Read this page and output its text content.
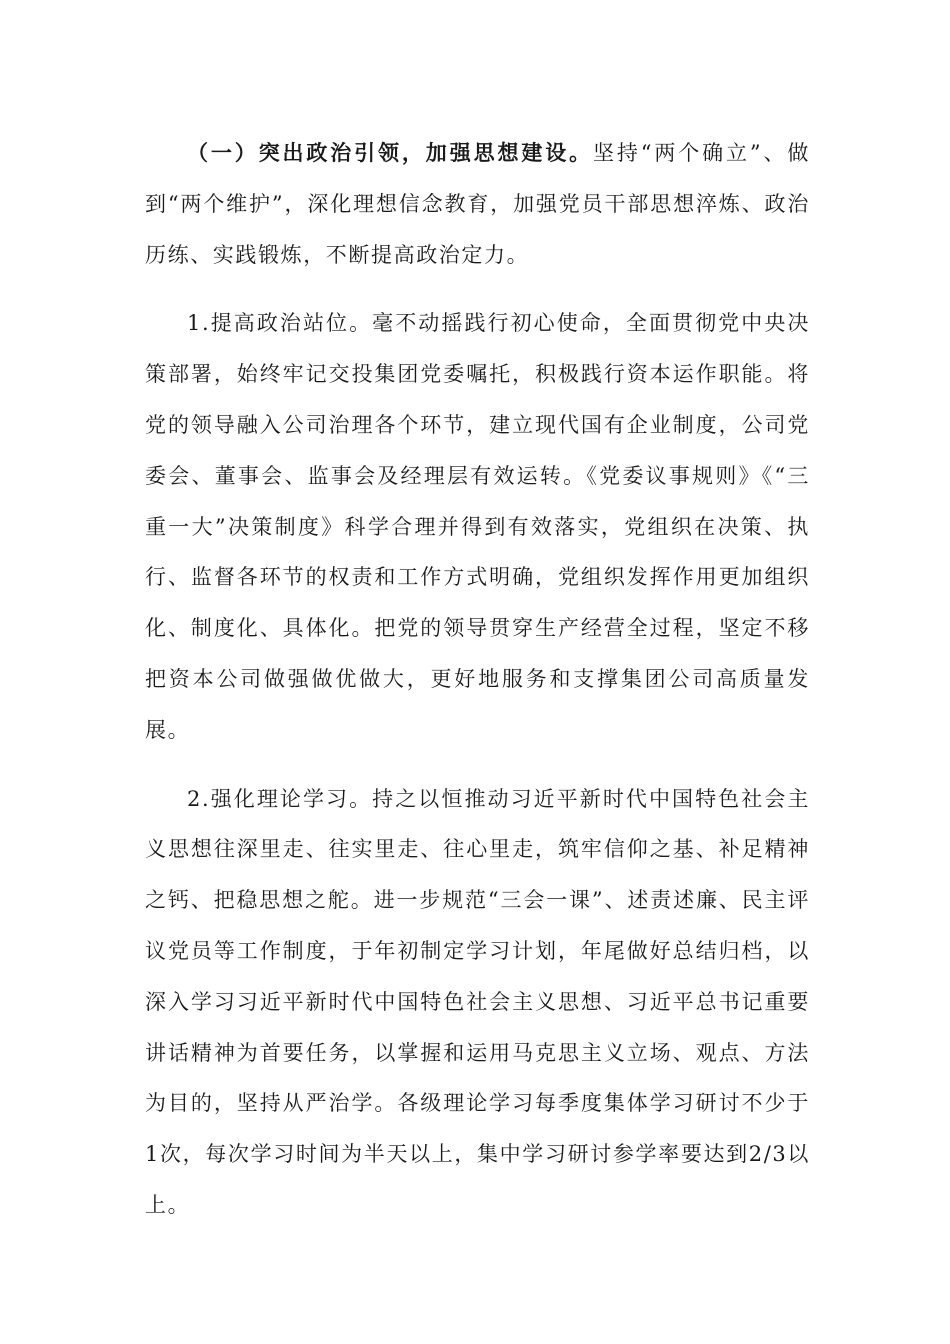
（一）突出政治引领，加强思想建设。坚持“两个确立”、做到“两个维护”，深化理想信念教育，加强党员干部思想淬炼、政治历练、实践锻炼，不断提高政治定力。

1.提高政治站位。毫不动摇践行初心使命，全面贯彻党中央决策部署，始终牢记交投集团党委嘱托，积极践行资本运作职能。将党的领导融入公司治理各个环节，建立现代国有企业制度，公司党委会、董事会、监事会及经理层有效运转。《党委议事规则》《“三重一大”决策制度》科学合理并得到有效落实，党组织在决策、执行、监督各环节的权责和工作方式明确，党组织发挥作用更加组织化、制度化、具体化。把党的领导贯穿生产经营全过程，坚定不移把资本公司做强做优做大，更好地服务和支撑集团公司高质量发展。

2.强化理论学习。持之以恒推动习近平新时代中国特色社会主义思想往深里走、往实里走、往心里走，筑牢信仰之基、补足精神之钙、把稳思想之舵。进一步规范“三会一课”、述责述廉、民主评议党员等工作制度，于年初制定学习计划，年尾做好总结归档，以深入学习习近平新时代中国特色社会主义思想、习近平总书记重要讲话精神为首要任务，以掌握和运用马克思主义立场、观点、方法为目的，坚持从严治学。各级理论学习每季度集体学习研讨不少于1次，每次学习时间为半天以上，集中学习研讨参学率要达到2/3以上。
